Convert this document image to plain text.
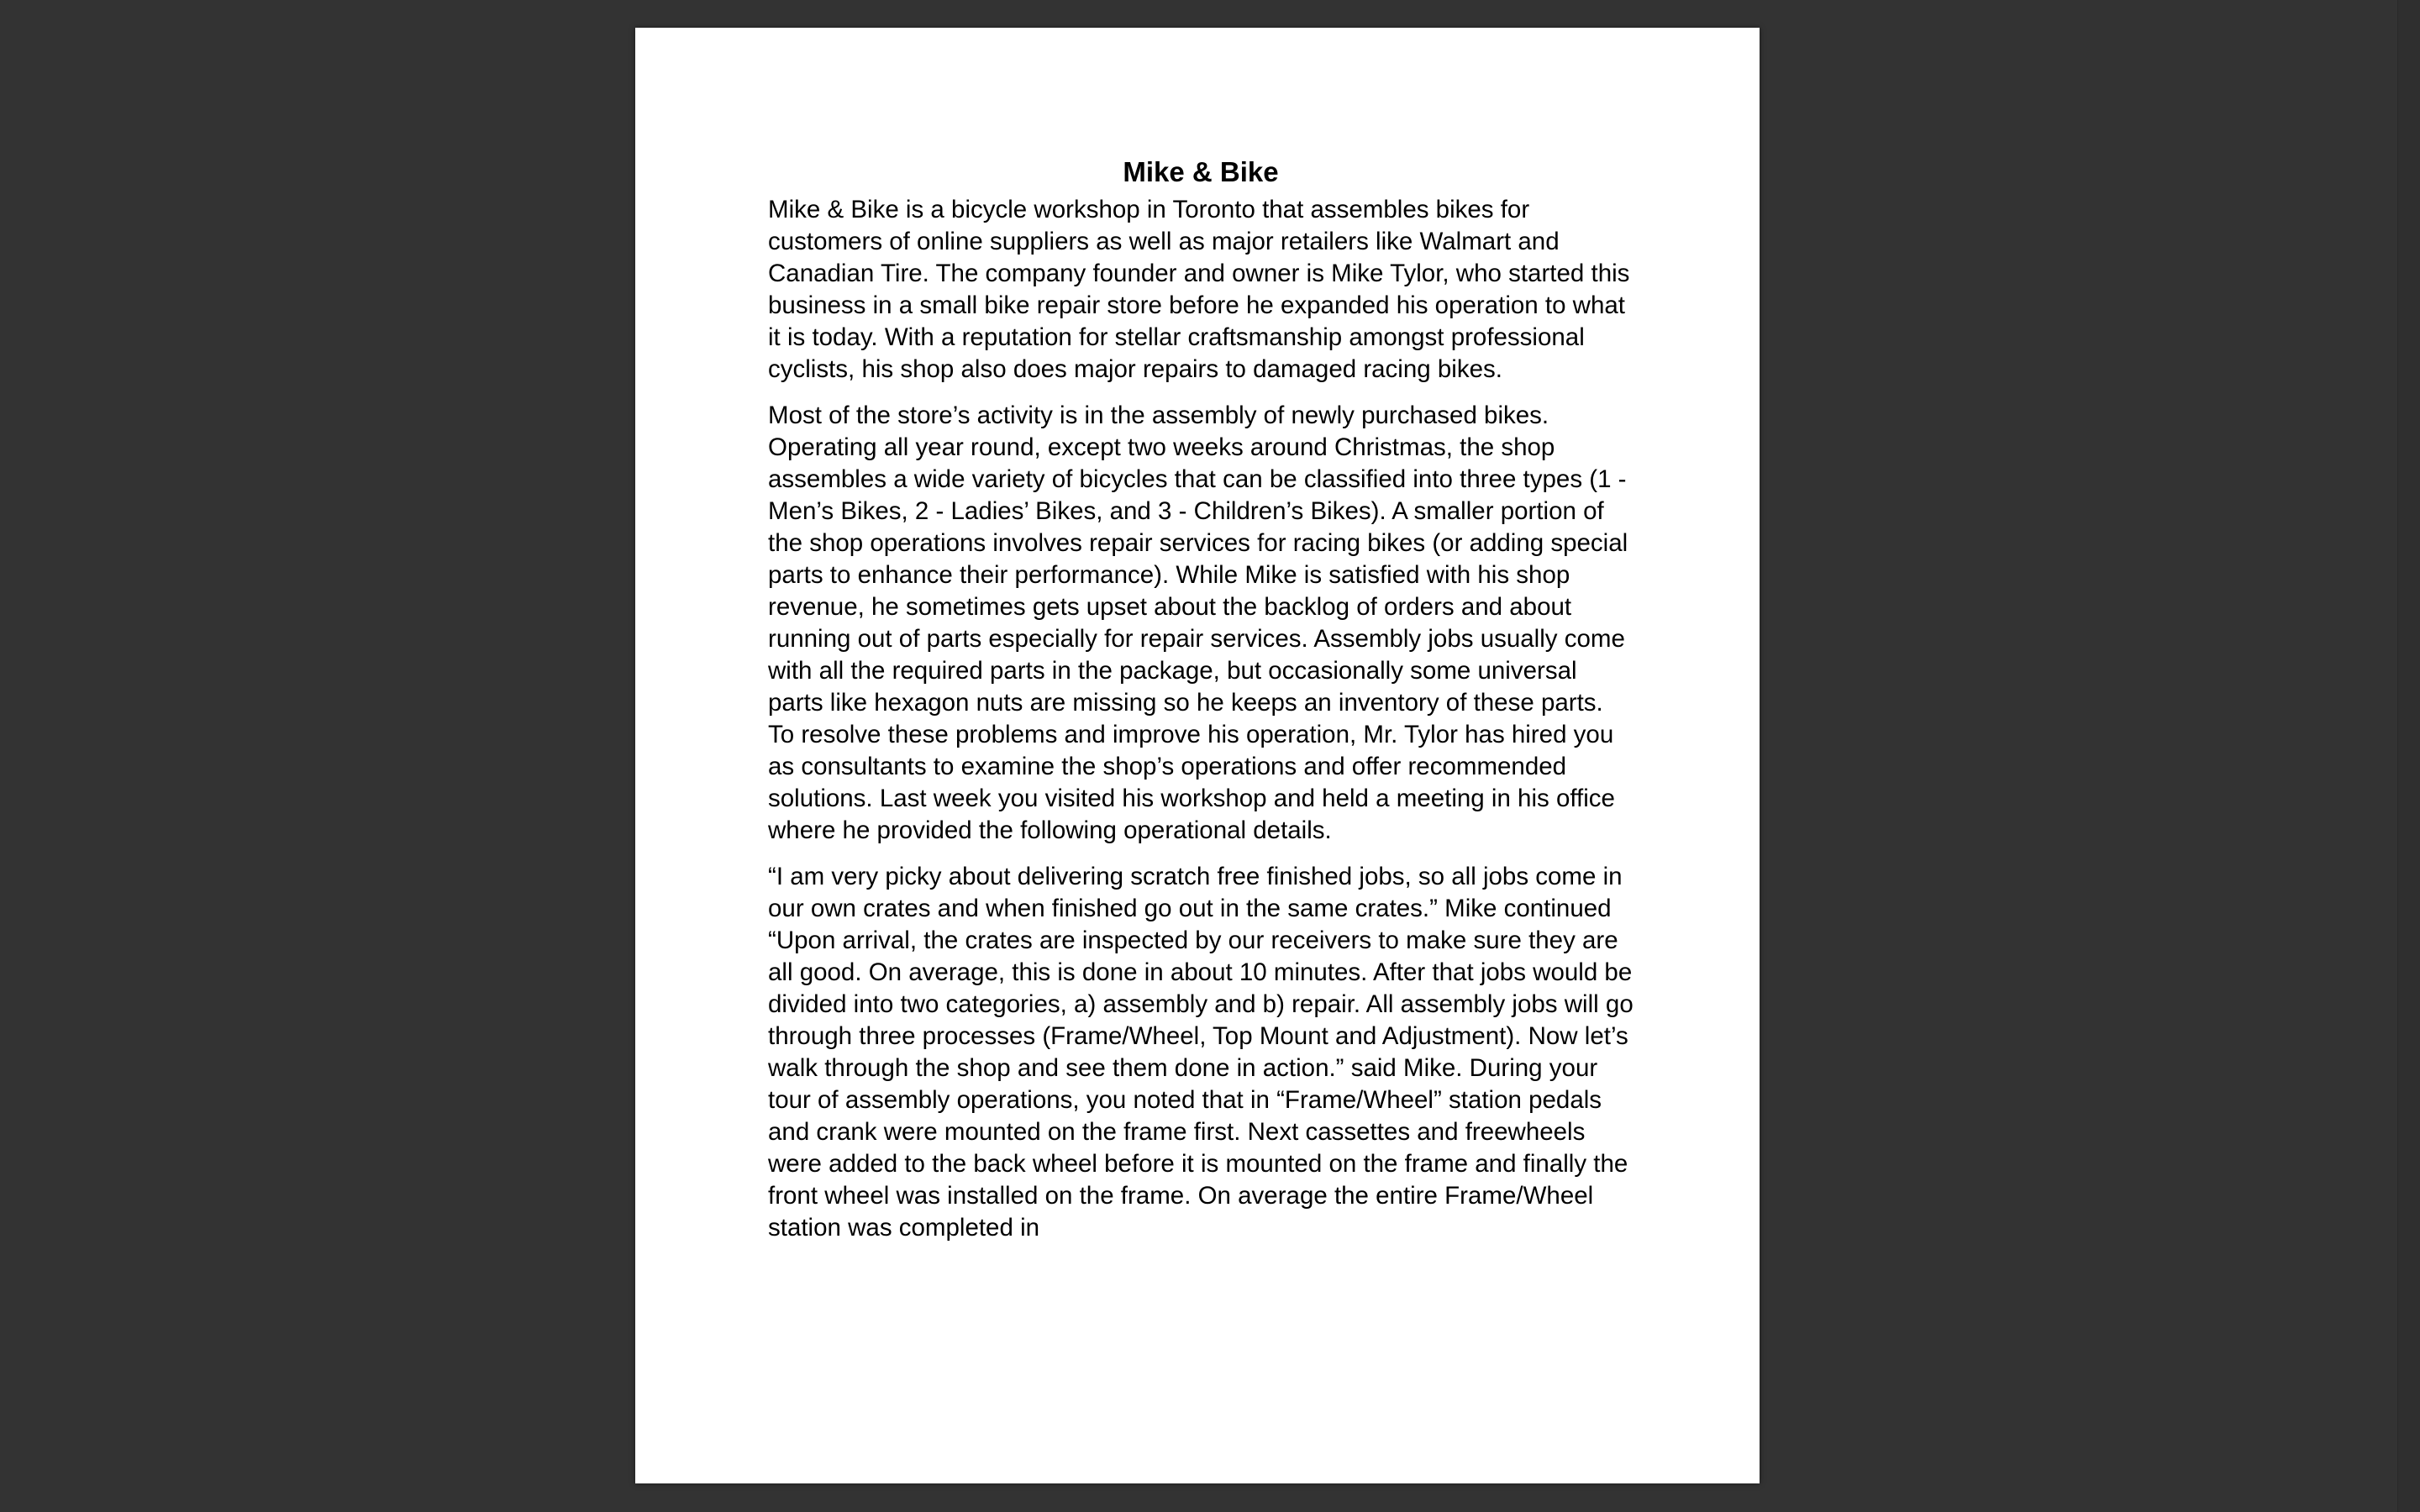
Mike & Bike

Mike & Bike is a bicycle workshop in Toronto that assembles bikes for customers of online suppliers as well as major retailers like Walmart and Canadian Tire. The company founder and owner is Mike Tylor, who started this business in a small bike repair store before he expanded his operation to what it is today. With a reputation for stellar craftsmanship amongst professional cyclists, his shop also does major repairs to damaged racing bikes.

Most of the store’s activity is in the assembly of newly purchased bikes. Operating all year round, except two weeks around Christmas, the shop assembles a wide variety of bicycles that can be classified into three types (1 - Men’s Bikes, 2 - Ladies’ Bikes, and 3 - Children’s Bikes). A smaller portion of the shop operations involves repair services for racing bikes (or adding special parts to enhance their performance). While Mike is satisfied with his shop revenue, he sometimes gets upset about the backlog of orders and about running out of parts especially for repair services. Assembly jobs usually come with all the required parts in the package, but occasionally some universal parts like hexagon nuts are missing so he keeps an inventory of these parts. To resolve these problems and improve his operation, Mr. Tylor has hired you as consultants to examine the shop’s operations and offer recommended solutions. Last week you visited his workshop and held a meeting in his office where he provided the following operational details.

“I am very picky about delivering scratch free finished jobs, so all jobs come in our own crates and when finished go out in the same crates.” Mike continued “Upon arrival, the crates are inspected by our receivers to make sure they are all good. On average, this is done in about 10 minutes. After that jobs would be divided into two categories, a) assembly and b) repair. All assembly jobs will go through three processes (Frame/Wheel, Top Mount and Adjustment). Now let’s walk through the shop and see them done in action.” said Mike. During your tour of assembly operations, you noted that in “Frame/Wheel” station pedals and crank were mounted on the frame first. Next cassettes and freewheels were added to the back wheel before it is mounted on the frame and finally the front wheel was installed on the frame. On average the entire Frame/Wheel station was completed in
